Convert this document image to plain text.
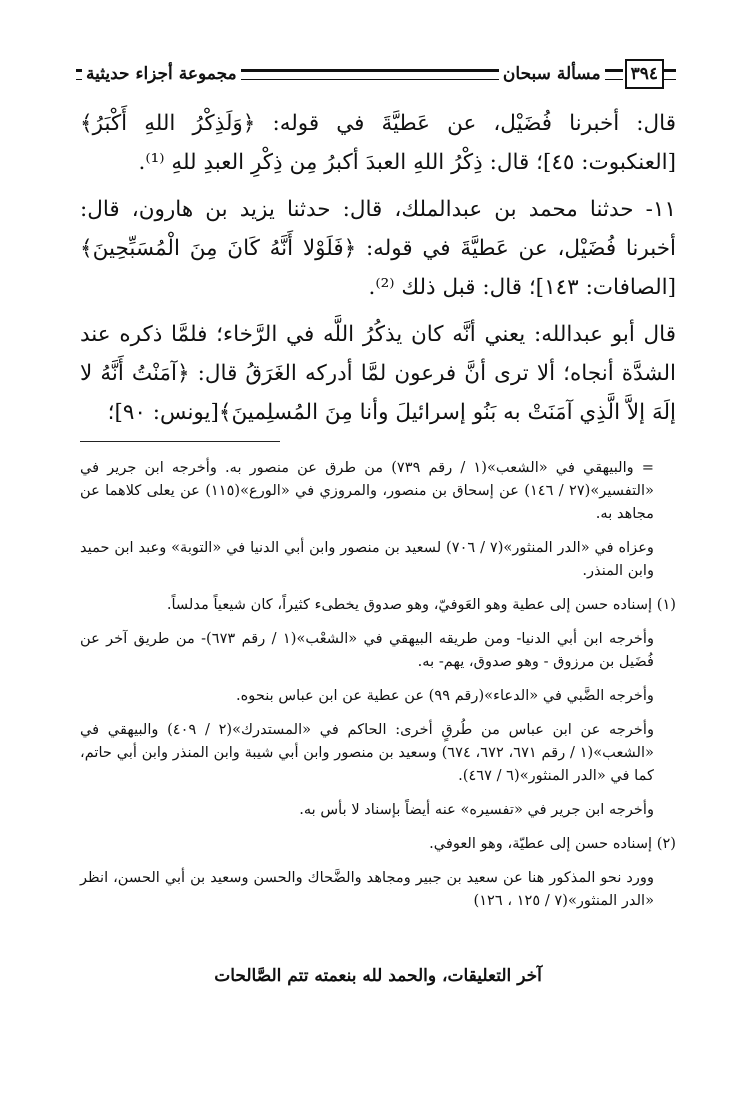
٣٩٤
مسألة سبحان
مجموعة أجزاء حديثية

قال: أخبرنا فُضَيْل، عن عَطيَّةَ في قوله: ﴿وَلَذِكْرُ اللهِ أَكْبَرُ﴾[العنكبوت: ٤٥]؛ قال: ذِكْرُ اللهِ العبدَ أكبرُ مِن ذِكْرِ العبدِ للهِ ⁽¹⁾.

١١- حدثنا محمد بن عبدالملك، قال: حدثنا يزيد بن هارون، قال: أخبرنا فُضَيْل، عن عَطيَّةَ في قوله: ﴿فَلَوْلا أَنَّهُ كَانَ مِنَ الْمُسَبِّحِينَ﴾[الصافات: ١٤٣]؛ قال: قبل ذلك ⁽²⁾.

قال أبو عبدالله: يعني أنَّه كان يذكُرُ اللَّه في الرَّخاء؛ فلمَّا ذكره عند الشدَّة أنجاه؛ ألا ترى أنَّ فرعون لمَّا أدركه الغَرَقُ قال: ﴿آمَنْتُ أَنَّهُ لا إلَهَ إلاَّ الَّذِي آمَنَتْ به بَنُو إسرائيلَ وأنا مِنَ المُسلِمينَ﴾[يونس: ٩٠]؛

= والبيهقي في «الشعب»(١ / رقم ٧٣٩) من طرق عن منصور به. وأخرجه ابن جرير في «التفسير»(٢٧ / ١٤٦) عن إسحاق بن منصور، والمروزي في «الورع»(١١٥) عن يعلى كلاهما عن مجاهد به.

وعزاه في «الدر المنثور»(٧ / ٧٠٦) لسعيد بن منصور وابن أبي الدنيا في «التوبة» وعبد ابن حميد وابن المنذر.

(١) إسناده حسن إلى عطية وهو العَوفيّ، وهو صدوق يخطىء كثيراً، كان شيعياً مدلساً.

وأخرجه ابن أبي الدنيا- ومن طريقه البيهقي في «الشعْب»(١ / رقم ٦٧٣)- من طريق آخر عن فُضَيل بن مرزوق - وهو صدوق، يهم- به.

وأخرجه الضَّبي في «الدعاء»(رقم ٩٩) عن عطية عن ابن عباس بنحوه.

وأخرجه عن ابن عباس من طُرقٍ أخرى: الحاكم في «المستدرك»(٢ / ٤٠٩) والبيهقي في «الشعب»(١ / رقم ٦٧١، ٦٧٢، ٦٧٤) وسعيد بن منصور وابن أبي شيبة وابن المنذر وابن أبي حاتم، كما في «الدر المنثور»(٦ / ٤٦٧).

وأخرجه ابن جرير في «تفسيره» عنه أيضاً بإسناد لا بأس به.

(٢) إسناده حسن إلى عطيّة، وهو العوفي.

وورد نحو المذكور هنا عن سعيد بن جبير ومجاهد والضَّحاك والحسن وسعيد بن أبي الحسن، انظر «الدر المنثور»(٧ / ١٢٥ ، ١٢٦)

آخر التعليقات، والحمد لله بنعمته تتم الصَّالحات
